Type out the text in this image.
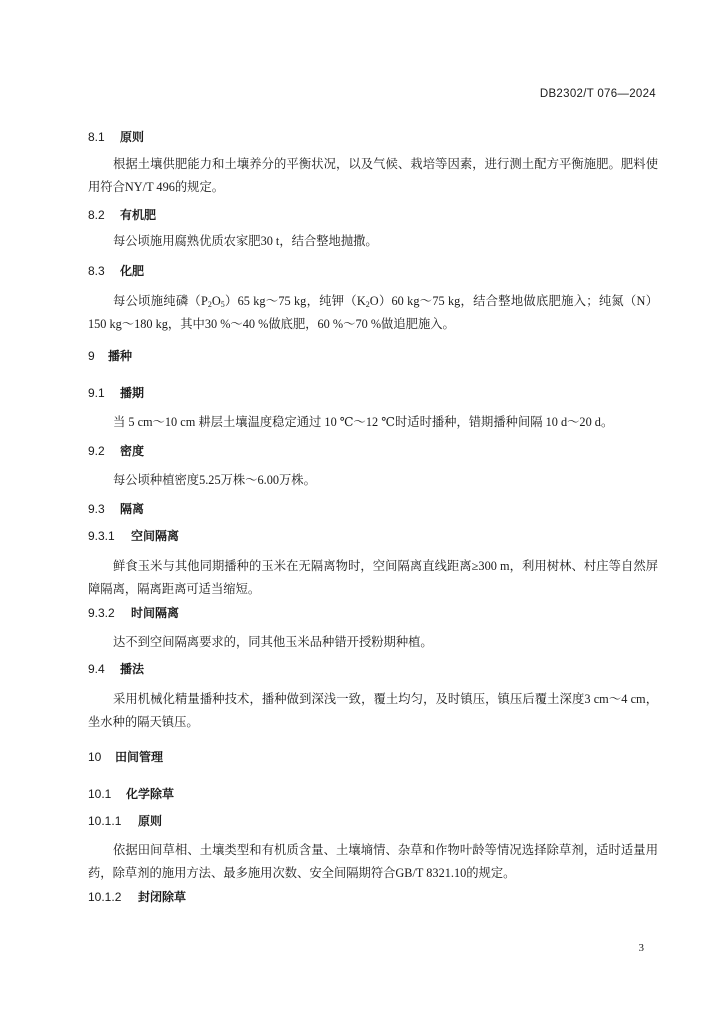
DB2302/T 076—2024
8.1 原则
根据土壤供肥能力和土壤养分的平衡状况，以及气候、栽培等因素，进行测土配方平衡施肥。肥料使用符合NY/T 496的规定。
8.2 有机肥
每公顷施用腐熟优质农家肥30 t，结合整地抛撒。
8.3 化肥
每公顷施纯磷$(P_2O_5)65$ kg～75 kg，纯钾$(K_2O)60$ kg～75 kg，结合整地做底肥施入；纯氮（N）150 kg～180 kg，其中30 %～40 %做底肥，60 %～70 %做追肥施入。
9 播种
9.1 播期
当 5 cm～10 cm 耕层土壤温度稳定通过 10 ℃～12 ℃时适时播种，错期播种间隔 10 d～20 d。
9.2 密度
每公顷种植密度5.25万株～6.00万株。
9.3 隔离
9.3.1 空间隔离
鲜食玉米与其他同期播种的玉米在无隔离物时，空间隔离直线距离≥300 m，利用树林、村庄等自然屏障隔离，隔离距离可适当缩短。
9.3.2 时间隔离
达不到空间隔离要求的，同其他玉米品种错开授粉期种植。
9.4 播法
采用机械化精量播种技术，播种做到深浅一致，覆土均匀，及时镇压，镇压后覆土深度3 cm～4 cm，坐水种的隔天镇压。
10 田间管理
10.1 化学除草
10.1.1 原则
依据田间草相、土壤类型和有机质含量、土壤墒情、杂草和作物叶龄等情况选择除草剂，适时适量用药，除草剂的施用方法、最多施用次数、安全间隔期符合GB/T 8321.10的规定。
10.1.2 封闭除草
3
